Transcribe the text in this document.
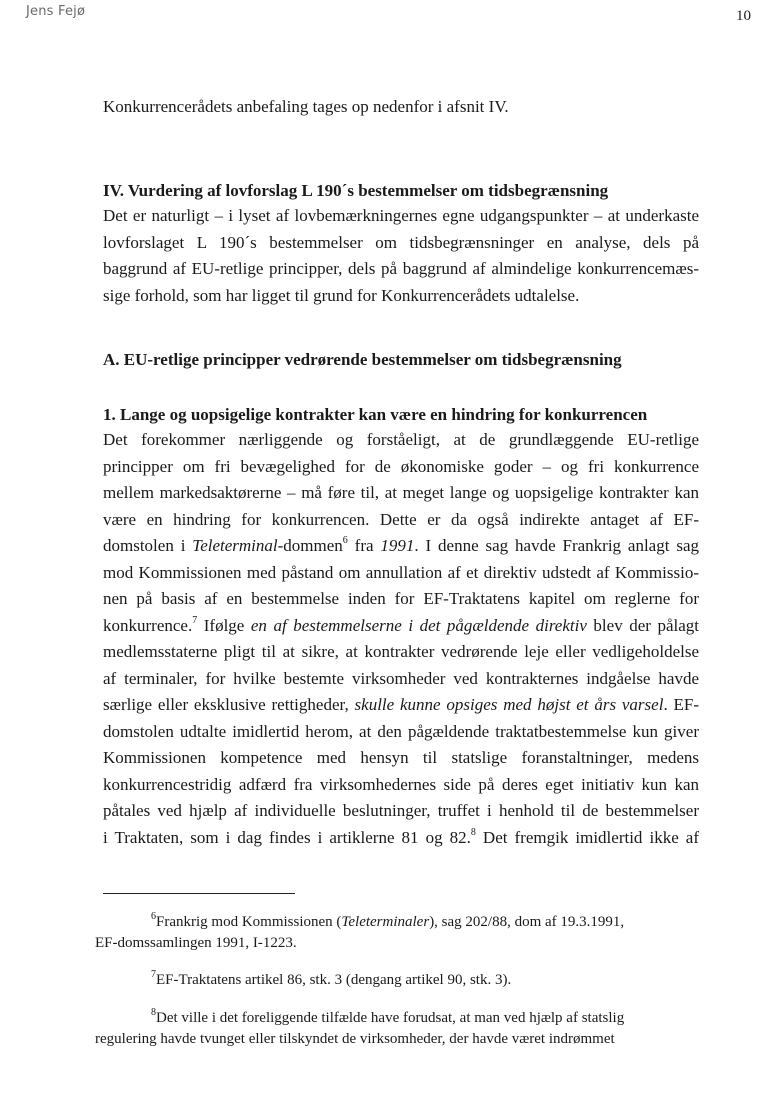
Jens Fejø	10
Konkurrencerådets anbefaling tages op nedenfor i afsnit IV.

IV. Vurdering af lovforslag L 190´s bestemmelser om tidsbegrænsning

Det er naturligt – i lyset af lovbemærkningernes egne udgangspunkter – at underkaste
lovforslaget L 190´s bestemmelser om tidsbegrænsninger en analyse, dels på
baggrund af EU-retlige principper, dels på baggrund af almindelige konkurrencemæs-
sige forhold, som har ligget til grund for Konkurrencerådets udtalelse.

A. EU-retlige principper vedrørende bestemmelser om tidsbegrænsning

1. Lange og uopsigelige kontrakter kan være en hindring for konkurrencen

Det forekommer nærliggende og forståeligt, at de grundlæggende EU-retlige
principper om fri bevægelighed for de økonomiske goder – og fri konkurrence
mellem markedsaktørerne – må føre til, at meget lange og uopsigelige kontrakter kan
være en hindring for konkurrencen. Dette er da også indirekte antaget af EF-
domstolen i Teleterminal-dommen$^6$ fra 1991. I denne sag havde Frankrig anlagt sag
mod Kommissionen med påstand om annullation af et direktiv udstedt af Kommissio-
nen på basis af en bestemmelse inden for EF-Traktatens kapitel om reglerne for
konkurrence.$^7$ Ifølge en af bestemmelserne i det pågældende direktiv blev der pålagt
medlemsstaterne pligt til at sikre, at kontrakter vedrørende leje eller vedligeholdelse
af terminaler, for hvilke bestemte virksomheder ved kontrakternes indgåelse havde
særlige eller eksklusive rettigheder, skulle kunne opsiges med højst et års varsel. EF-
domstolen udtalte imidlertid herom, at den pågældende traktatbestemmelse kun giver
Kommissionen kompetence med hensyn til statslige foranstaltninger, medens
konkurrencestridig adfærd fra virksomhedernes side på deres eget initiativ kun kan
påtales ved hjælp af individuelle beslutninger, truffet i henhold til de bestemmelser
i Traktaten, som i dag findes i artiklerne 81 og 82.$^8$ Det fremgik imidlertid ikke af

$^6$Frankrig mod Kommissionen (Teleterminaler), sag 202/88, dom af 19.3.1991,
EF-domssamlingen 1991, I-1223.
$^7$EF-Traktatens artikel 86, stk. 3 (dengang artikel 90, stk. 3).
$^8$Det ville i det foreliggende tilfælde have forudsat, at man ved hjælp af statslig
regulering havde tvunget eller tilskyndet de virksomheder, der havde været indrømmet
